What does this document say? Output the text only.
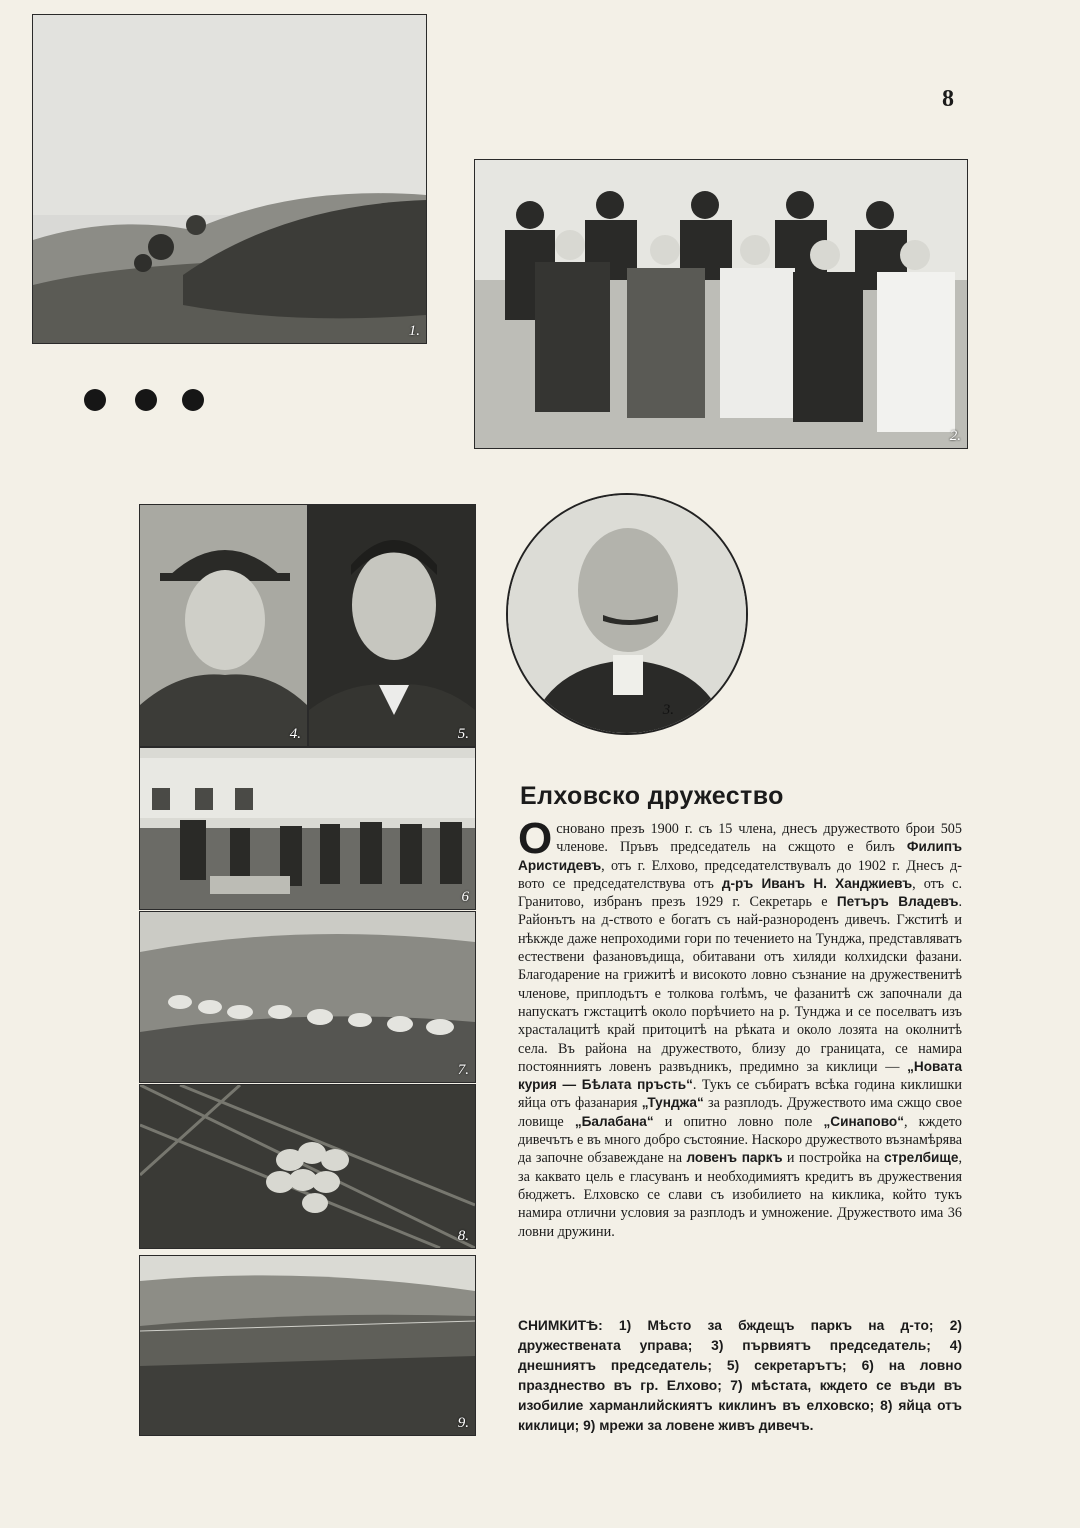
8
1.
2.
3.
4.	5.
6
7.
8.
9.
Елховско дружество
Основано презъ 1900 г. съ 15 члена, днесъ дружеството брои 505 членове. Пръвъ председатель на сжщото е билъ Филипъ Аристидевъ, отъ г. Елхово, председателствувалъ до 1902 г. Днесъ д-вото се председателствува отъ д-ръ Иванъ Н. Ханджиевъ, отъ с. Гранитово, избранъ презъ 1929 г. Секретарь е Петъръ Владевъ. Районътъ на д-ството е богатъ съ най-разнороденъ дивечъ. Гжститѣ и нѣкжде даже непроходими гори по течението на Тунджа, представляватъ естествени фазановъдища, обитавани отъ хиляди колхидски фазани. Благодарение на грижитѣ и високото ловно съзнание на дружественитѣ членове, приплодътъ е толкова голѣмъ, че фазанитѣ сж започнали да напускатъ гжстацитѣ около порѣчието на р. Тунджа и се поселватъ изъ храсталацитѣ край притоцитѣ на рѣката и около лозята на околнитѣ села. Въ района на дружеството, близу до границата, се намира постоянниятъ ловенъ развъдникъ, предимно за киклици — „Новата курия — Бѣлата пръсть“. Тукъ се събиратъ всѣка година киклишки яйца отъ фазанария „Тунджа“ за разплодъ. Дружеството има сжщо свое ловище „Балабана“ и опитно ловно поле „Синапово“, кждето дивечътъ е въ много добро състояние. Наскоро дружеството възнамѣрява да започне обзавеждане на ловенъ паркъ и постройка на стрелбище, за каквато цель е гласуванъ и необходимиятъ кредитъ въ дружествения бюджетъ. Елховско се слави съ изобилието на киклика, който тукъ намира отлични условия за разплодъ и умножение. Дружеството има 36 ловни дружини.
СНИМКИТѢ: 1) Мѣсто за бждещъ паркъ на д-то; 2) дружествената управа; 3) първиятъ председатель; 4) днешниятъ председатель; 5) секретарътъ; 6) на ловно празднество въ гр. Елхово; 7) мѣстата, кждето се въди въ изобилие харманлийскиятъ киклинъ въ елховско; 8) яйца отъ киклици; 9) мрежи за ловене живъ дивечъ.
